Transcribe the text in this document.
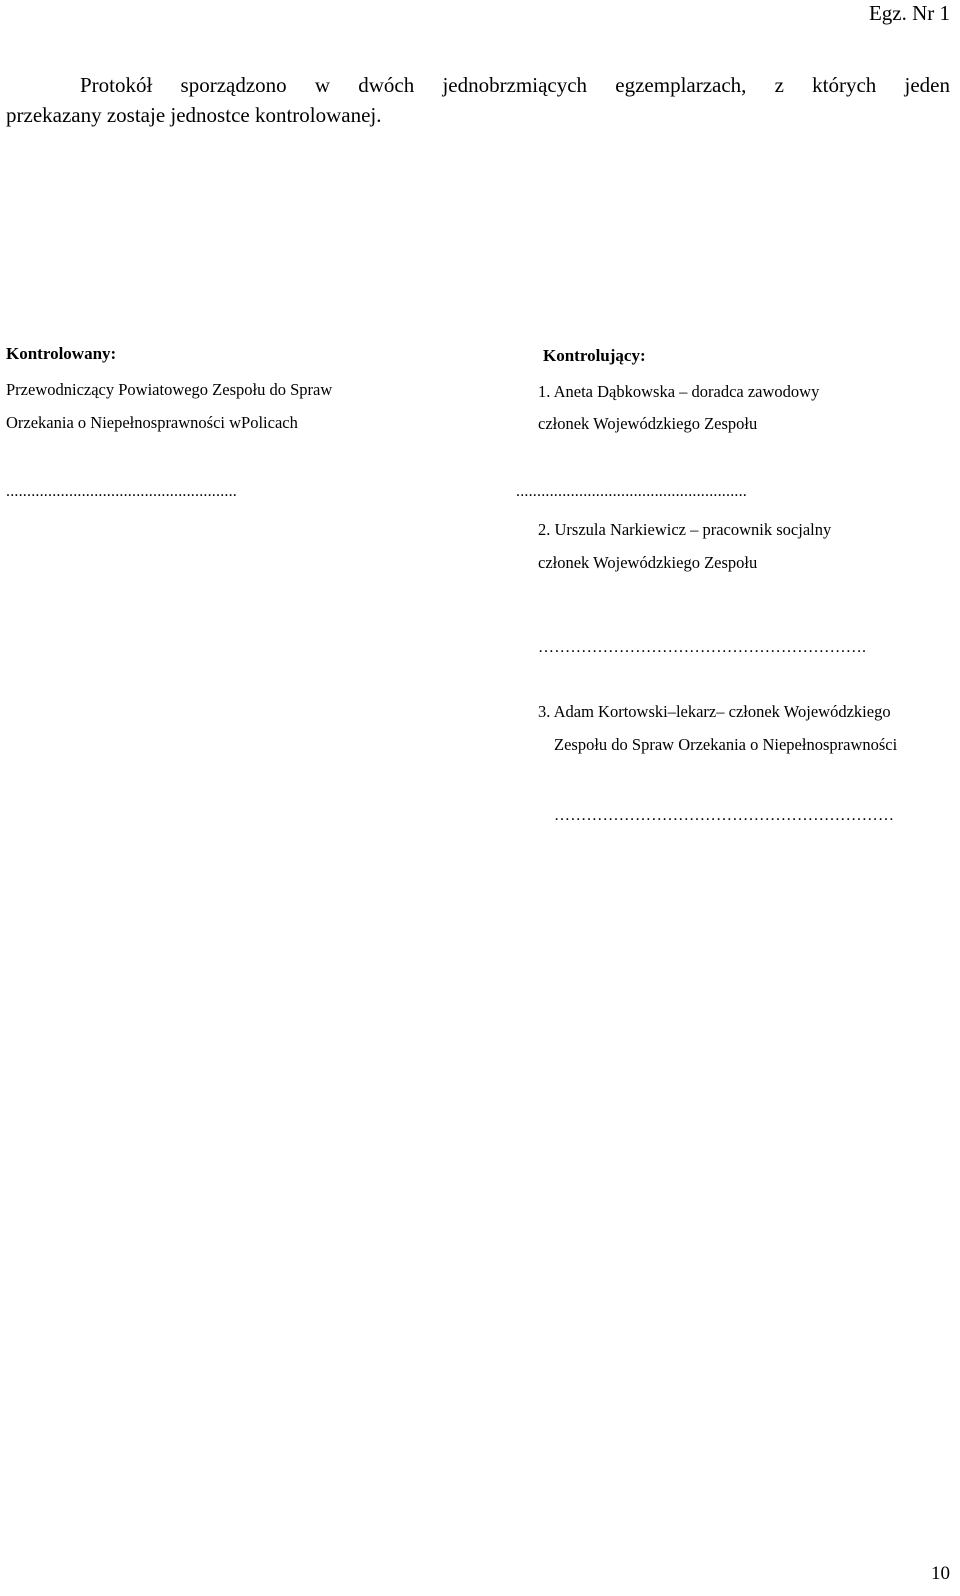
Egz. Nr 1

Protokół sporządzono w dwóch jednobrzmiących egzemplarzach, z których jeden

przekazany zostaje jednostce kontrolowanej.

Kontrolowany:
Przewodniczący Powiatowego Zespołu do Spraw
Orzekania o Niepełnosprawności wPolicach
.......................................................
Kontrolujący:
1. Aneta Dąbkowska – doradca zawodowy
członek Wojewódzkiego Zespołu
.......................................................
2. Urszula Narkiewicz – pracownik socjalny
członek Wojewódzkiego Zespołu
…………………………………………………….
3. Adam Kortowski–lekarz– członek Wojewódzkiego
Zespołu do Spraw Orzekania o Niepełnosprawności
………………………………………………………
10
